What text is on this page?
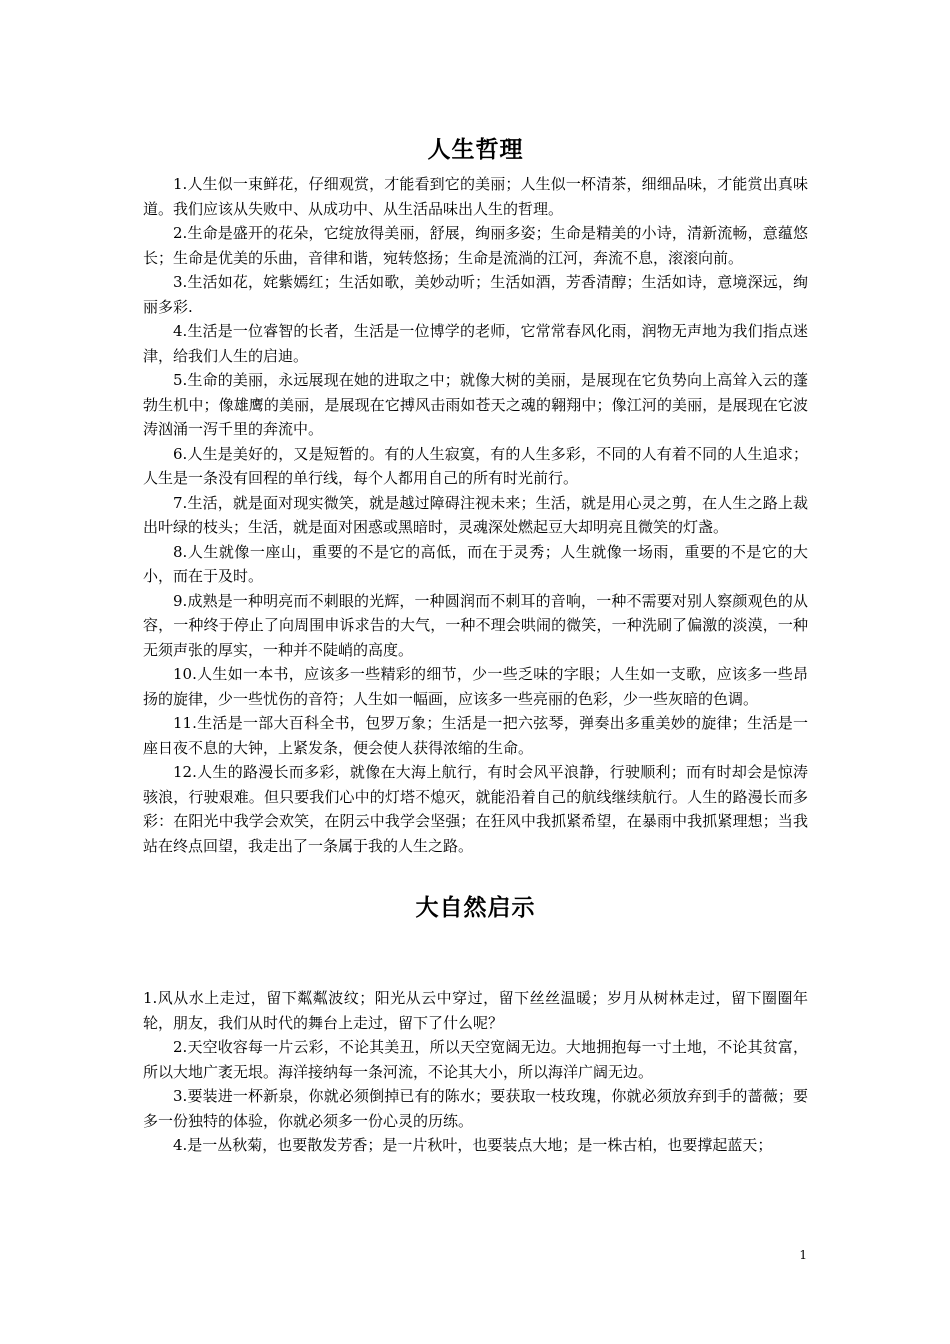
人生哲理

1.人生似一束鲜花，仔细观赏，才能看到它的美丽；人生似一杯清茶，细细品味，才能赏出真味道。我们应该从失败中、从成功中、从生活品味出人生的哲理。

2.生命是盛开的花朵，它绽放得美丽，舒展，绚丽多姿；生命是精美的小诗，清新流畅，意蕴悠长；生命是优美的乐曲，音律和谐，宛转悠扬；生命是流淌的江河，奔流不息，滚滚向前。

3.生活如花，姹紫嫣红；生活如歌，美妙动听；生活如酒，芳香清醇；生活如诗，意境深远，绚丽多彩.

4.生活是一位睿智的长者，生活是一位博学的老师，它常常春风化雨，润物无声地为我们指点迷津，给我们人生的启迪。

5.生命的美丽，永远展现在她的进取之中；就像大树的美丽，是展现在它负势向上高耸入云的蓬勃生机中；像雄鹰的美丽，是展现在它搏风击雨如苍天之魂的翱翔中；像江河的美丽，是展现在它波涛汹涌一泻千里的奔流中。

6.人生是美好的，又是短暂的。有的人生寂寞，有的人生多彩，不同的人有着不同的人生追求；人生是一条没有回程的单行线，每个人都用自己的所有时光前行。

7.生活，就是面对现实微笑，就是越过障碍注视未来；生活，就是用心灵之剪，在人生之路上裁出叶绿的枝头；生活，就是面对困惑或黑暗时，灵魂深处燃起豆大却明亮且微笑的灯盏。

8.人生就像一座山，重要的不是它的高低，而在于灵秀；人生就像一场雨，重要的不是它的大小，而在于及时。

9.成熟是一种明亮而不刺眼的光辉，一种圆润而不刺耳的音响，一种不需要对别人察颜观色的从容，一种终于停止了向周围申诉求告的大气，一种不理会哄闹的微笑，一种洗刷了偏激的淡漠，一种无须声张的厚实，一种并不陡峭的高度。

10.人生如一本书，应该多一些精彩的细节，少一些乏味的字眼；人生如一支歌，应该多一些昂扬的旋律，少一些忧伤的音符；人生如一幅画，应该多一些亮丽的色彩，少一些灰暗的色调。

11.生活是一部大百科全书，包罗万象；生活是一把六弦琴，弹奏出多重美妙的旋律；生活是一座日夜不息的大钟，上紧发条，便会使人获得浓缩的生命。

12.人生的路漫长而多彩，就像在大海上航行，有时会风平浪静，行驶顺利；而有时却会是惊涛骇浪，行驶艰难。但只要我们心中的灯塔不熄灭，就能沿着自己的航线继续航行。人生的路漫长而多彩：在阳光中我学会欢笑，在阴云中我学会坚强；在狂风中我抓紧希望，在暴雨中我抓紧理想；当我站在终点回望，我走出了一条属于我的人生之路。

大自然启示

1.风从水上走过，留下粼粼波纹；阳光从云中穿过，留下丝丝温暖；岁月从树林走过，留下圈圈年轮，朋友，我们从时代的舞台上走过，留下了什么呢？

2.天空收容每一片云彩，不论其美丑，所以天空宽阔无边。大地拥抱每一寸土地，不论其贫富，所以大地广袤无垠。海洋接纳每一条河流，不论其大小，所以海洋广阔无边。

3.要装进一杯新泉，你就必须倒掉已有的陈水；要获取一枝玫瑰，你就必须放弃到手的蔷薇；要多一份独特的体验，你就必须多一份心灵的历练。

4.是一丛秋菊，也要散发芳香；是一片秋叶，也要装点大地；是一株古柏，也要撑起蓝天；

1
